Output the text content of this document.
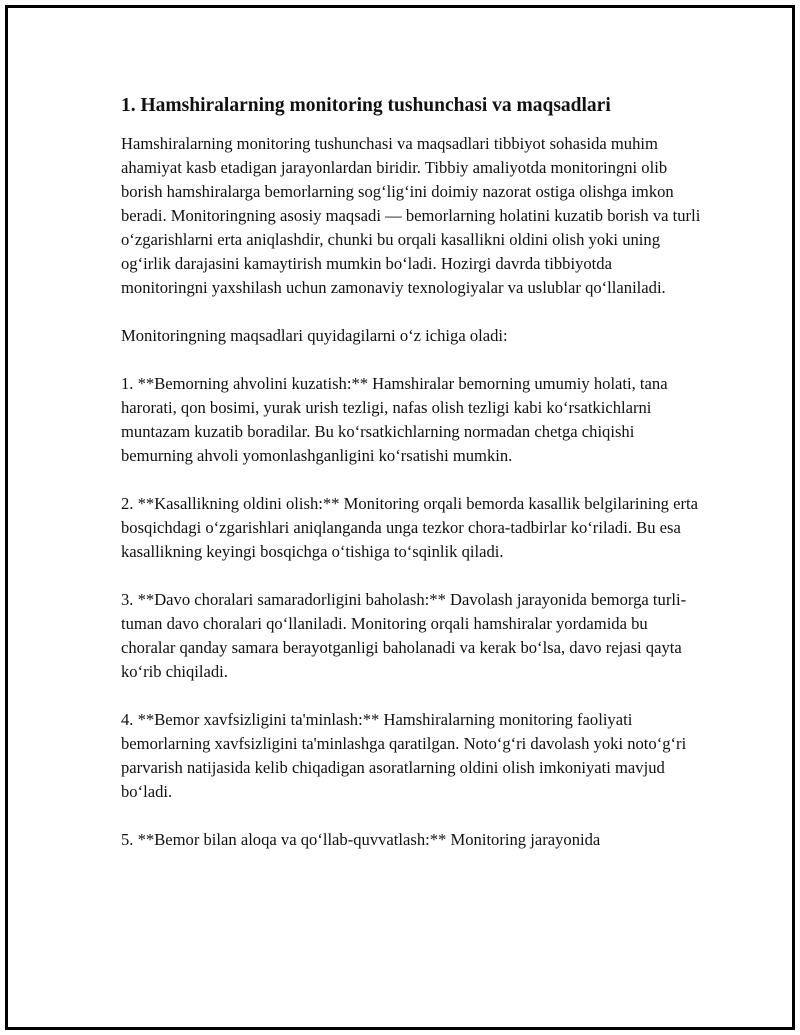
1. Hamshiralarning monitoring tushunchasi va maqsadlari

Hamshiralarning monitoring tushunchasi va maqsadlari tibbiyot sohasida muhim ahamiyat kasb etadigan jarayonlardan biridir. Tibbiy amaliyotda monitoringni olib borish hamshiralarga bemorlarning sog‘lig‘ini doimiy nazorat ostiga olishga imkon beradi. Monitoringning asosiy maqsadi — bemorlarning holatini kuzatib borish va turli o‘zgarishlarni erta aniqlashdir, chunki bu orqali kasallikni oldini olish yoki uning og‘irlik darajasini kamaytirish mumkin bo‘ladi. Hozirgi davrda tibbiyotda monitoringni yaxshilash uchun zamonaviy texnologiyalar va uslublar qo‘llaniladi.

Monitoringning maqsadlari quyidagilarni o‘z ichiga oladi:

1. **Bemorning ahvolini kuzatish:** Hamshiralar bemorning umumiy holati, tana harorati, qon bosimi, yurak urish tezligi, nafas olish tezligi kabi ko‘rsatkichlarni muntazam kuzatib boradilar. Bu ko‘rsatkichlarning normadan chetga chiqishi bemurning ahvoli yomonlashganligini ko‘rsatishi mumkin.

2. **Kasallikning oldini olish:** Monitoring orqali bemorda kasallik belgilarining erta bosqichdagi o‘zgarishlari aniqlanganda unga tezkor chora-tadbirlar ko‘riladi. Bu esa kasallikning keyingi bosqichga o‘tishiga to‘sqinlik qiladi.

3. **Davo choralari samaradorligini baholash:** Davolash jarayonida bemorga turli-tuman davo choralari qo‘llaniladi. Monitoring orqali hamshiralar yordamida bu choralar qanday samara berayotganligi baholanadi va kerak bo‘lsa, davo rejasi qayta ko‘rib chiqiladi.

4. **Bemor xavfsizligini ta'minlash:** Hamshiralarning monitoring faoliyati bemorlarning xavfsizligini ta'minlashga qaratilgan. Noto‘g‘ri davolash yoki noto‘g‘ri parvarish natijasida kelib chiqadigan asoratlarning oldini olish imkoniyati mavjud bo‘ladi.

5. **Bemor bilan aloqa va qo‘llab-quvvatlash:** Monitoring jarayonida
